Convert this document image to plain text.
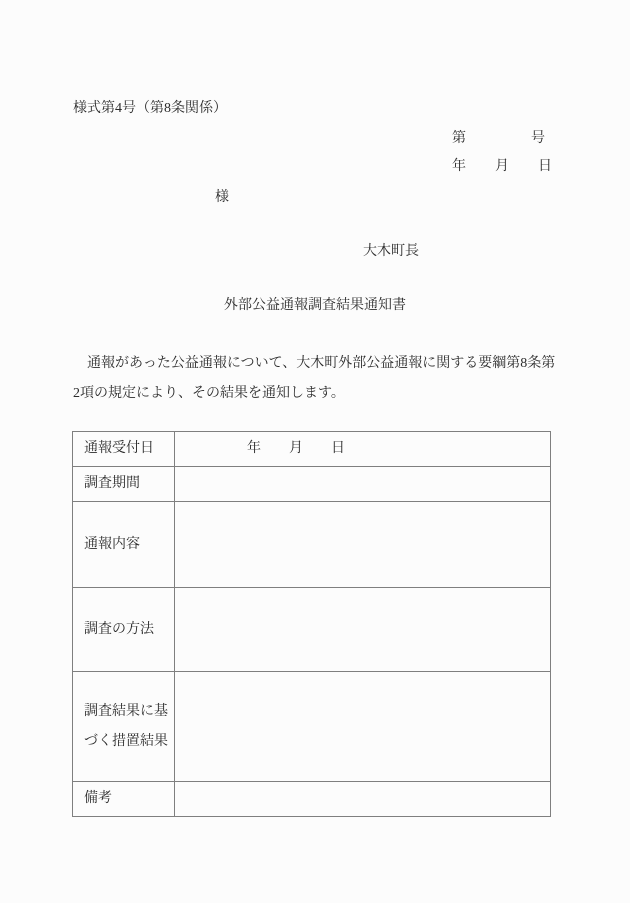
様式第4号（第8条関係）
第	号
年 月 日
様
大木町長
外部公益通報調査結果通知書
　通報があった公益通報について、大木町外部公益通報に関する要綱第8条第
2項の規定により、その結果を通知します。
通報受付日	年　　月　　日
調査期間	
通報内容	
調査の方法	
調査結果に基づく措置結果	
備考	
